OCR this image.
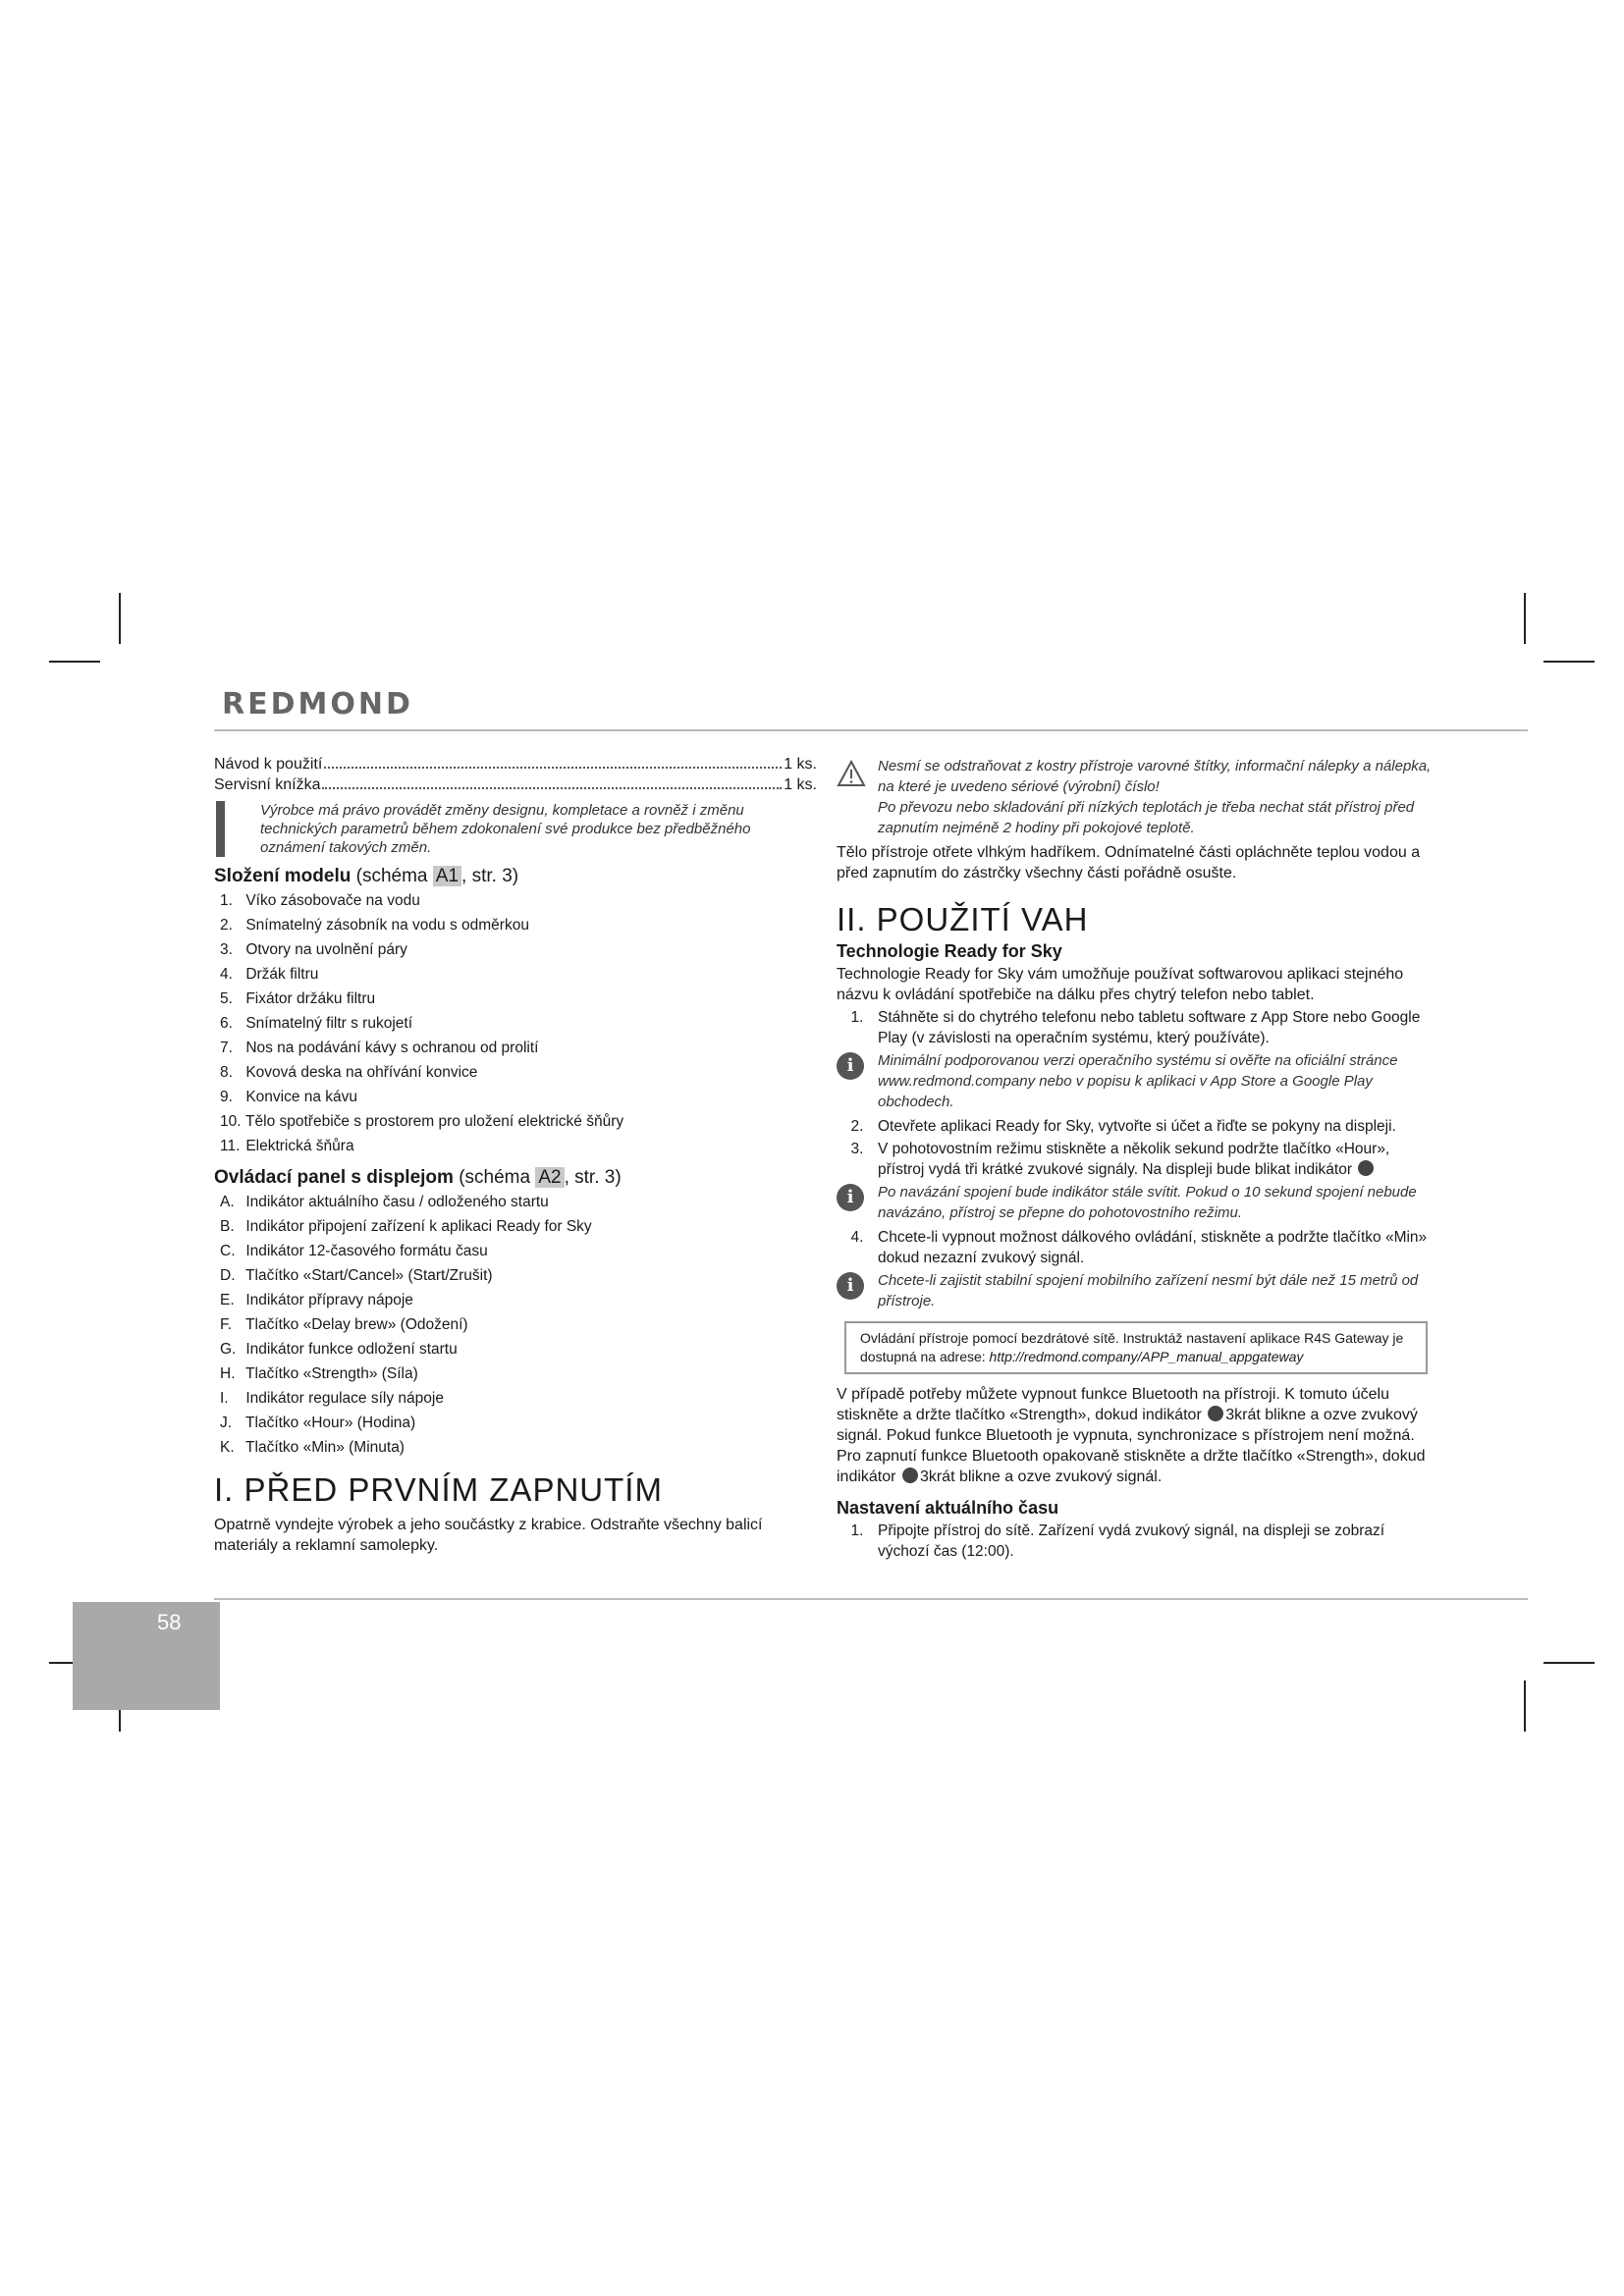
REDMOND
Návod k použití	1 ks.
Servisní knížka	1 ks.
Výrobce má právo provádět změny designu, kompletace a rovněž i změnu technických parametrů během zdokonalení své produkce bez předběžného oznámení takových změn.
Složení modelu (schéma A1 , str. 3)
1. Víko zásobovače na vodu
2. Snímatelný zásobník na vodu s odměrkou
3. Otvory na uvolnění páry
4. Držák filtru
5. Fixátor držáku filtru
6. Snímatelný filtr s rukojetí
7. Nos na podávání kávy s ochranou od prolití
8. Kovová deska na ohřívání konvice
9. Konvice na kávu
10. Tělo spotřebiče s prostorem pro uložení elektrické šňůry
11. Elektrická šňůra
Ovládací panel s displejom (schéma A2 , str. 3)
A. Indikátor aktuálního času / odloženého startu
B. Indikátor připojení zařízení k aplikaci Ready for Sky
C. Indikátor 12-časového formátu času
D. Tlačítko «Start/Cancel» (Start/Zrušit)
E. Indikátor přípravy nápoje
F. Tlačítko «Delay brew» (Odožení)
G. Indikátor funkce odložení startu
H. Tlačítko «Strength» (Síla)
I. Indikátor regulace síly nápoje
J. Tlačítko «Hour» (Hodina)
K. Tlačítko «Min» (Minuta)
I. PŘED PRVNÍM ZAPNUTÍM

Opatrně vyndejte výrobek a jeho součástky z krabice. Odstraňte všechny balicí materiály a reklamní samolepky.

Nesmí se odstraňovat z kostry přístroje varovné štítky, informační nálepky a nálepka, na které je uvedeno sériové (výrobní) číslo!
Po převozu nebo skladování při nízkých teplotách je třeba nechat stát přístroj před zapnutím nejméně 2 hodiny při pokojové teplotě.

Tělo přístroje otřete vlhkým hadříkem. Odnímatelné části opláchněte teplou vodou a před zapnutím do zástrčky všechny části pořádně osušte.

II. POUŽITÍ VAH
Technologie Ready for Sky

Technologie Ready for Sky vám umožňuje používat softwarovou aplikaci stejného názvu k ovládání spotřebiče na dálku přes chytrý telefon nebo tablet.

1. Stáhněte si do chytrého telefonu nebo tabletu software z App Store nebo Google Play (v závislosti na operačním systému, který používáte).
i	Minimální podporovanou verzi operačního systému si ověřte na oficiální stránce www.redmond.company nebo v popisu k aplikaci v App Store a Google Play obchodech.
2. Otevřete aplikaci Ready for Sky, vytvořte si účet a řiďte se pokyny na displeji.
3. V pohotovostním režimu stiskněte a několik sekund podržte tlačítko «Hour», přístroj vydá tři krátké zvukové signály. Na displeji bude blikat indikátor
i	Po navázání spojení bude indikátor stále svítit. Pokud o 10 sekund spojení nebude navázáno, přístroj se přepne do pohotovostního režimu.
4. Chcete-li vypnout možnost dálkového ovládání, stiskněte a podržte tlačítko «Min» dokud nezazní zvukový signál.
i	Chcete-li zajistit stabilní spojení mobilního zařízení nesmí být dále než 15 metrů od přístroje.
Ovládání přístroje pomocí bezdrátové sítě. Instruktáž nastavení aplikace R4S Gateway je dostupná na adrese: http://redmond.company/APP_manual_appgateway

V případě potřeby můžete vypnout funkce Bluetooth na přístroji. K tomuto účelu stiskněte a držte tlačítko «Strength», dokud indikátor 3krát blikne a ozve zvukový signál. Pokud funkce Bluetooth je vypnuta, synchronizace s přístrojem není možná. Pro zapnutí funkce Bluetooth opakovaně stiskněte a držte tlačítko «Strength», dokud indikátor 3krát blikne a ozve zvukový signál.

Nastavení aktuálního času
1. Připojte přístroj do sítě. Zařízení vydá zvukový signál, na displeji se zobrazí výchozí čas (12:00).
58
